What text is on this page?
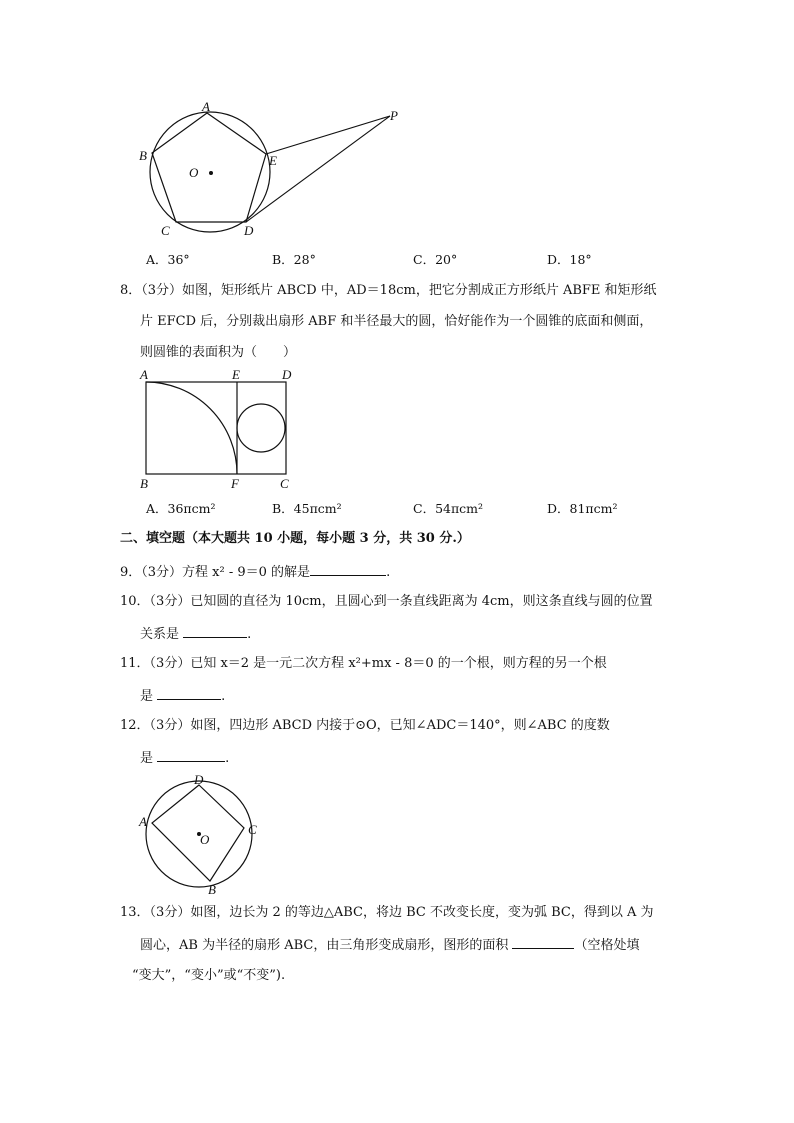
A
B
C	D
E
O
P
A．36°	B．28°	C．20°	D．18°
8．（3分）如图，矩形纸片 ABCD 中，AD＝18cm，把它分割成正方形纸片 ABFE 和矩形纸
片 EFCD 后，分别裁出扇形 ABF 和半径最大的圆，恰好能作为一个圆锥的底面和侧面，
则圆锥的表面积为（　　）
A	E	D
B	F	C
A．36πcm²	B．45πcm²	C．54πcm²	D．81πcm²
二、填空题（本大题共 10 小题，每小题 3 分，共 30 分.）
9．（3分）方程 x² - 9＝0 的解是	.
10．（3分）已知圆的直径为 10cm，且圆心到一条直线距离为 4cm，则这条直线与圆的位置
关系是	.
11．（3分）已知 x＝2 是一元二次方程 x²+mx - 8＝0 的一个根，则方程的另一个根
是	.
12．（3分）如图，四边形 ABCD 内接于⊙O，已知∠ADC＝140°，则∠ABC 的度数
是	.
D
A
C
B
O
13．（3分）如图，边长为 2 的等边△ABC，将边 BC 不改变长度，变为弧 BC，得到以 A 为
圆心，AB 为半径的扇形 ABC，由三角形变成扇形，图形的面积	（空格处填
“变大”，“变小”或“不变”).
